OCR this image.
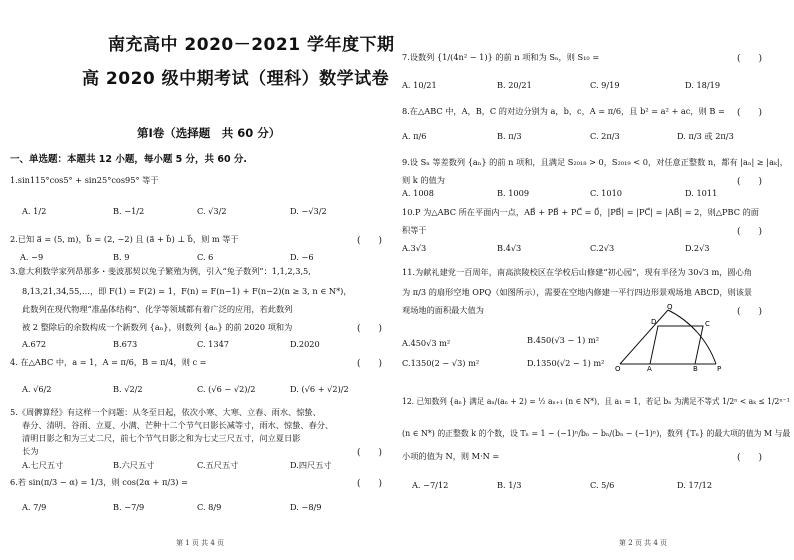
南充高中 2020－2021 学年度下期
高 2020 级中期考试（理科）数学试卷
第Ⅰ卷（选择题　共 60 分）
一、单选题：本题共 12 小题，每小题 5 分，共 60 分.
1.sin115°cos5° + sin25°cos95° 等于
A. 1/2	B. −1/2	C. √3/2	D. −√3/2
2.已知 a⃗ = (5, m)，b⃗ = (2, −2) 且 (a⃗ + b⃗) ⊥ b⃗，则 m 等于	(　　)
A. −9	B. 9	C. 6	D. −6
3.意大利数学家列昂那多・斐波那契以兔子繁殖为例，引入“兔子数列”：1,1,2,3,5,
8,13,21,34,55,…，即 F(1) = F(2) = 1，F(n) = F(n−1) + F(n−2)(n ≥ 3, n ∈ N*)，
此数列在现代物理“准晶体结构”、化学等领域都有着广泛的应用，若此数列
被 2 整除后的余数构成一个新数列 {aₙ}，则数列 {aₙ} 的前 2020 项和为	(　　)
A.672	B.673	C. 1347	D.2020
4. 在△ABC 中，a = 1，A = π/6，B = π/4，则 c =	(　　)
A. √6/2	B. √2/2	C. (√6 − √2)/2	D. (√6 + √2)/2
5.《周髀算经》有这样一个问题：从冬至日起，依次小寒、大寒、立春、雨水、惊蛰、
春分、清明、谷雨、立夏、小满、芒种十二个节气日影长减等寸，雨水、惊蛰、春分、
清明日影之和为三丈二尺，前七个节气日影之和为七丈三尺五寸，问立夏日影
长为	(　　)
A.七尺五寸	B.六尺五寸	C.五尺五寸	D.四尺五寸
6.若 sin(π/3 − α) = 1/3，则 cos(2α + π/3) =	(　　)
A. 7/9	B. −7/9	C. 8/9	D. −8/9
第 1 页 共 4 页
7.设数列 {1/(4n² − 1)} 的前 n 项和为 Sₙ，则 S₁₀ =	(　　)
A. 10/21	B. 20/21	C. 9/19	D. 18/19
8.在△ABC 中，A，B，C 的对边分别为 a，b，c，A = π/6，且 b² = a² + ac，则 B = (　　)
A. π/6	B. π/3	C. 2π/3	D. π/3 或 2π/3
9.设 Sₙ 等差数列 {aₙ} 的前 n 项和，且满足 S₂₀₁₈ > 0，S₂₀₁₉ < 0，对任意正整数 n，都有 |aₙ| ≥ |aₖ|，
则 k 的值为	(　　)
A. 1008	B. 1009	C. 1010	D. 1011
10.P 为△ABC 所在平面内一点，AB⃗ + PB⃗ + PC⃗ = 0⃗，|PB⃗| = |PC⃗| = |AB⃗| = 2，则△PBC 的面
积等于	(　　)
A.3√3	B.4√3	C.2√3	D.2√3
11.为献礼建党一百周年，南高滨陵校区在学校后山修建“初心园”，现有半径为 30√3 m，圆心角
为 π/3 的扇形空地 OPQ（如图所示），需要在空地内修建一平行四边形景观场地 ABCD，则该景
观场地的面积最大值为	(　　)
A.450√3 m²	B.450(√3 − 1) m²
C.1350(2 − √3) m²	D.1350(√2 − 1) m²
O	P
Q
A	B
C
D
12. 已知数列 {aₙ} 满足 aₙ/(aₙ + 2) = ½ aₙ₊₁ (n ∈ N*)，且 a₁ = 1，若记 bₙ 为满足不等式 1/2ⁿ < aₖ ≤ 1/2ⁿ⁻¹
(n ∈ N*) 的正整数 k 的个数，设 Tₙ = 1 − (−1)ⁿ/bₙ − bₙ/(bₙ − (−1)ⁿ)，数列 {Tₙ} 的最大项的值为 M 与最
小项的值为 N，则 M·N =	(　　)
A. −7/12	B. 1/3	C. 5/6	D. 17/12
第 2 页 共 4 页
